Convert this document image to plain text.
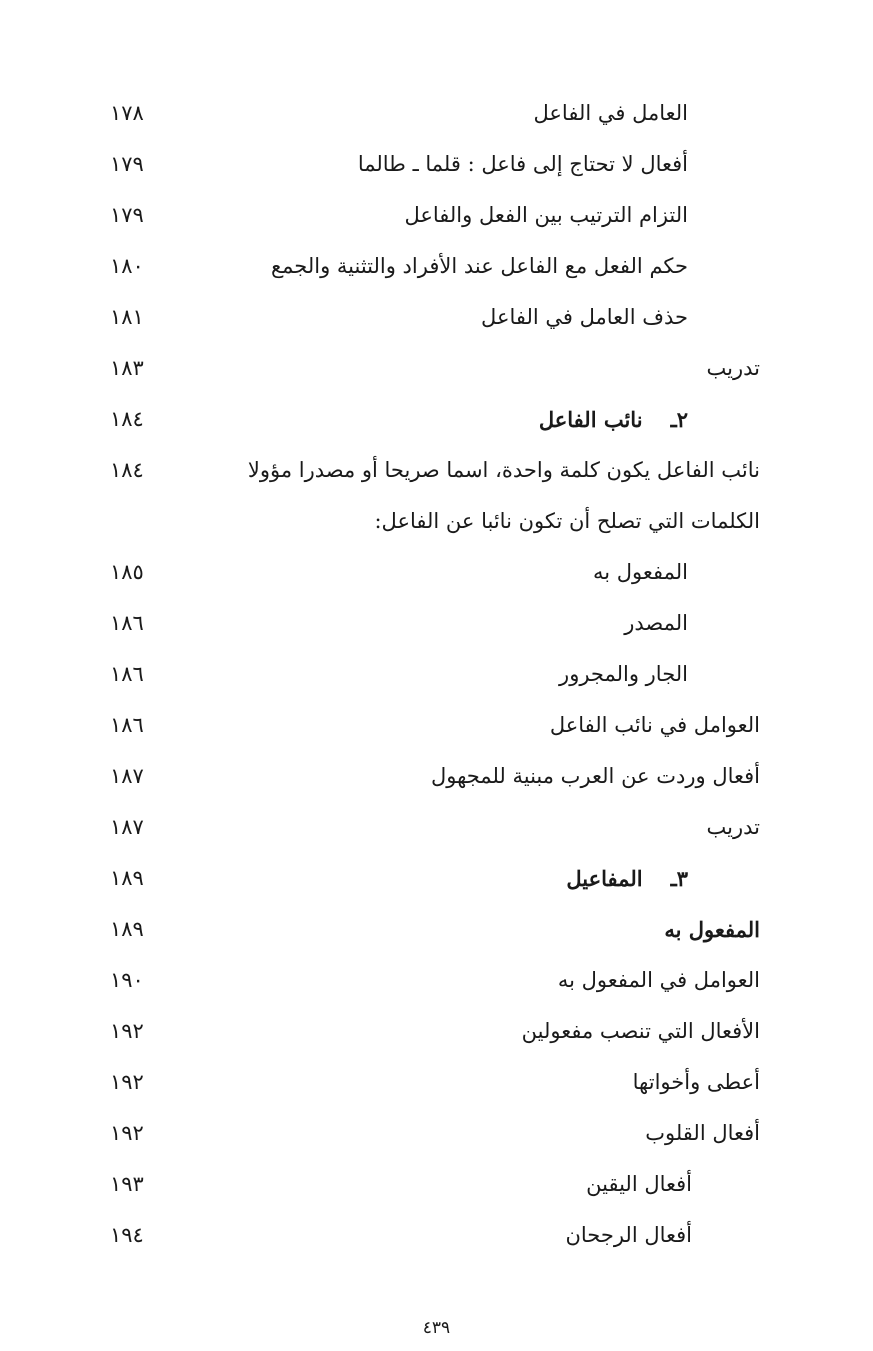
العامل في الفاعل
١٧٨
أفعال لا تحتاج إلى فاعل : قلما ـ طالما
١٧٩
التزام الترتيب بين الفعل والفاعل
١٧٩
حكم الفعل مع الفاعل عند الأفراد والتثنية والجمع
١٨٠
حذف العامل في الفاعل
١٨١
تدريب
١٨٣
٢ـنائب الفاعل
١٨٤
نائب الفاعل يكون كلمة واحدة، اسما صريحا أو مصدرا مؤولا
١٨٤
الكلمات التي تصلح أن تكون نائبا عن الفاعل:
المفعول به
١٨٥
المصدر
١٨٦
الجار والمجرور
١٨٦
العوامل في نائب الفاعل
١٨٦
أفعال وردت عن العرب مبنية للمجهول
١٨٧
تدريب
١٨٧
٣ـالمفاعيل
١٨٩
المفعول به
١٨٩
العوامل في المفعول به
١٩٠
الأفعال التي تنصب مفعولين
١٩٢
أعطى وأخواتها
١٩٢
أفعال القلوب
١٩٢
أفعال اليقين
١٩٣
أفعال الرجحان
١٩٤
٤٣٩
